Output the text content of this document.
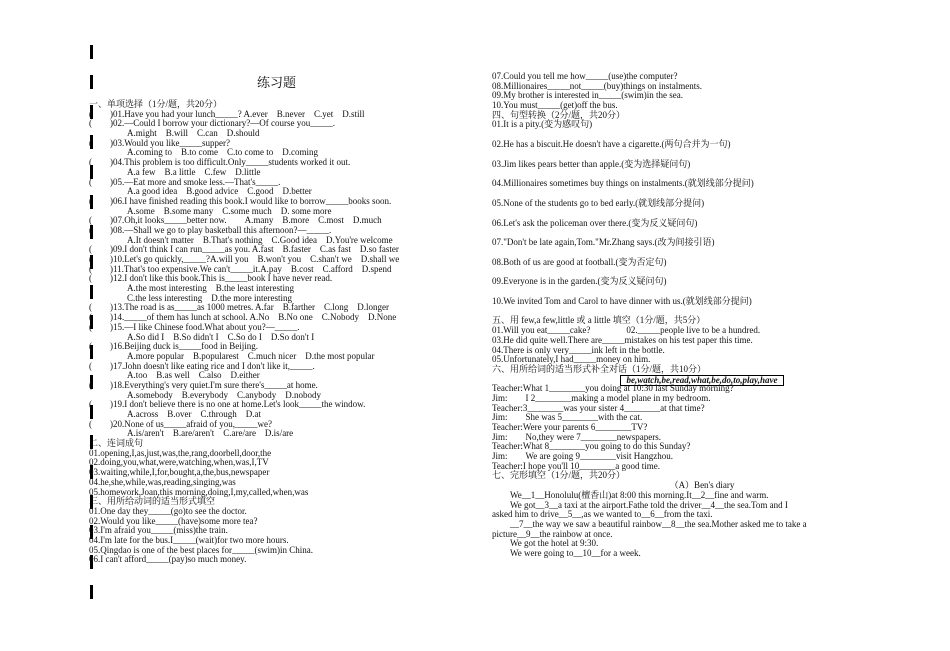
练习题
一、单项选择（1分/题，共20分）
(　　)01.Have you had your lunch_____? A.ever　B.never　C.yet　D.still
(　　)02.—Could I borrow your dictionary?—Of course you_____.
A.might　B.will　C.can　D.should
(　　)03.Would you like_____supper?
A.coming to　B.to come　C.to come to　D.coming
(　　)04.This problem is too difficult.Only_____students worked it out.
A.a few　B.a little　C.few　D.little
(　　)05.—Eat more and smoke less.—That's_____.
A.a good idea　B.good advice　C.good　D.better
(　　)06.I have finished reading this book.I would like to borrow_____books soon.
A.some　B.some many　C.some much　D. some more
(　　)07.Oh,it looks_____better now.　　A.many　B.more　C.most　D.much
(　　)08.—Shall we go to play basketball this afternoon?—_____.
A.It doesn't matter　B.That's nothing　C.Good idea　D.You're welcome
(　　)09.I don't think I can run_____as you. A.fast　B.faster　C.as fast　D.so faster
(　　)10.Let's go quickly,_____?A.will you　B.won't you　C.shan't we　D.shall we
(　　)11.That's too expensive.We can't_____it.A.pay　B.cost　C.afford　D.spend
(　　)12.I don't like this book.This is_____book I have never read.
A.the most interesting　B.the least interesting
C.the less interesting　D.the more interesting
(　　)13.The road is as_____as 1000 metres. A.far　B.farther　C.long　D.longer
(　　)14._____of them has lunch at school. A.No　B.No one　C.Nobody　D.None
(　　)15.—I like Chinese food.What about you?—_____.
A.So did I　B.So didn't I　C.So do I　D.So don't I
(　　)16.Beijing duck is_____food in Beijing.
A.more popular　B.popularest　C.much nicer　D.the most popular
(　　)17.John doesn't like eating rice and I don't like it,_____.
A.too　B.as well　C.also　D.either
(　　)18.Everything's very quiet.I'm sure there's_____at home.
A.somebody　B.everybody　C.anybody　D.nobody
(　　)19.I don't believe there is no one at home.Let's look_____the window.
A.across　B.over　C.through　D.at
(　　)20.None of us_____afraid of you,_____we?
A.is/aren't　B.are/aren't　C.are/are　D.is/are
二、连词成句
01.opening,I,as,just,was,the,rang,doorbell,door,the
02.doing,you,what,were,watching,when,was,I,TV
03.waiting,while,I,for,bought,a,the,bus,newspaper
04.he,she,while,was,reading,singing,was
05.homework,Joan,this morning,doing,I,my,called,when,was
三、用所给动词的适当形式填空
01.One day they_____(go)to see the doctor.
02.Would you like_____(have)some more tea?
03.I'm afraid you_____(miss)the train.
04.I'm late for the bus.I_____(wait)for two more hours.
05.Qingdao is one of the best places for_____(swim)in China.
06.I can't afford_____(pay)so much money.
07.Could you tell me how_____(use)the computer?
08.Millionaires_____not_____(buy)things on instalments.
09.My brother is interested in_____(swim)in the sea.
10.You must_____(get)off the bus.
四、句型转换（2分/题，共20分）
01.It is a pity.(变为感叹句)
02.He has a biscuit.He doesn't have a cigarette.(两句合并为一句)
03.Jim likes pears better than apple.(变为选择疑问句)
04.Millionaires sometimes buy things on instalments.(就划线部分提问)
05.None of the students go to bed early.(就划线部分提问)
06.Let's ask the policeman over there.(变为反义疑问句)
07."Don't be late again,Tom."Mr.Zhang says.(改为间接引语)
08.Both of us are good at football.(变为否定句)
09.Everyone is in the garden.(变为反义疑问句)
10.We invited Tom and Carol to have dinner with us.(就划线部分提问)
五、用 few,a few,little 或 a little 填空（1分/题，共5分）
01.Will you eat_____cake?　　　　02._____people live to be a hundred.
03.He did quite well.There are_____mistakes on his test paper this time.
04.There is only very_____ink left in the bottle.
05.Unfortunately,I had_____money on him.
六、用所给词的适当形式补全对话（1分/题，共10分）
be,watch,be,read,what,be,do,to,play,have
Teacher:What 1________you doing at 10:30 last Sunday morning?
Jim:　　I 2________making a model plane in my bedroom.
Teacher:3________was your sister 4________at that time?
Jim:　　She was 5________with the cat.
Teacher:Were your parents 6________TV?
Jim:　　No,they were 7________newspapers.
Teacher:What 8________you going to do this Sunday?
Jim:　　We are going 9________visit Hangzhou.
Teacher:I hope you'll 10________a good time.
七、完形填空（1分/题，共20分）
（A）Ben's diary
　　We__1__Honolulu(檀香山)at 8:00 this morning.It__2__fine and warm.
　　We got__3__a taxi at the airport.Fathe told the driver__4__the sea.Tom and I
asked him to drive__5__,as we wanted to__6__from the taxi.
　　__7__the way we saw a beautiful rainbow__8__the sea.Mother asked me to take a
picture__9__the rainbow at once.
　　We got the hotel at 9:30.
　　We were going to__10__for a week.
